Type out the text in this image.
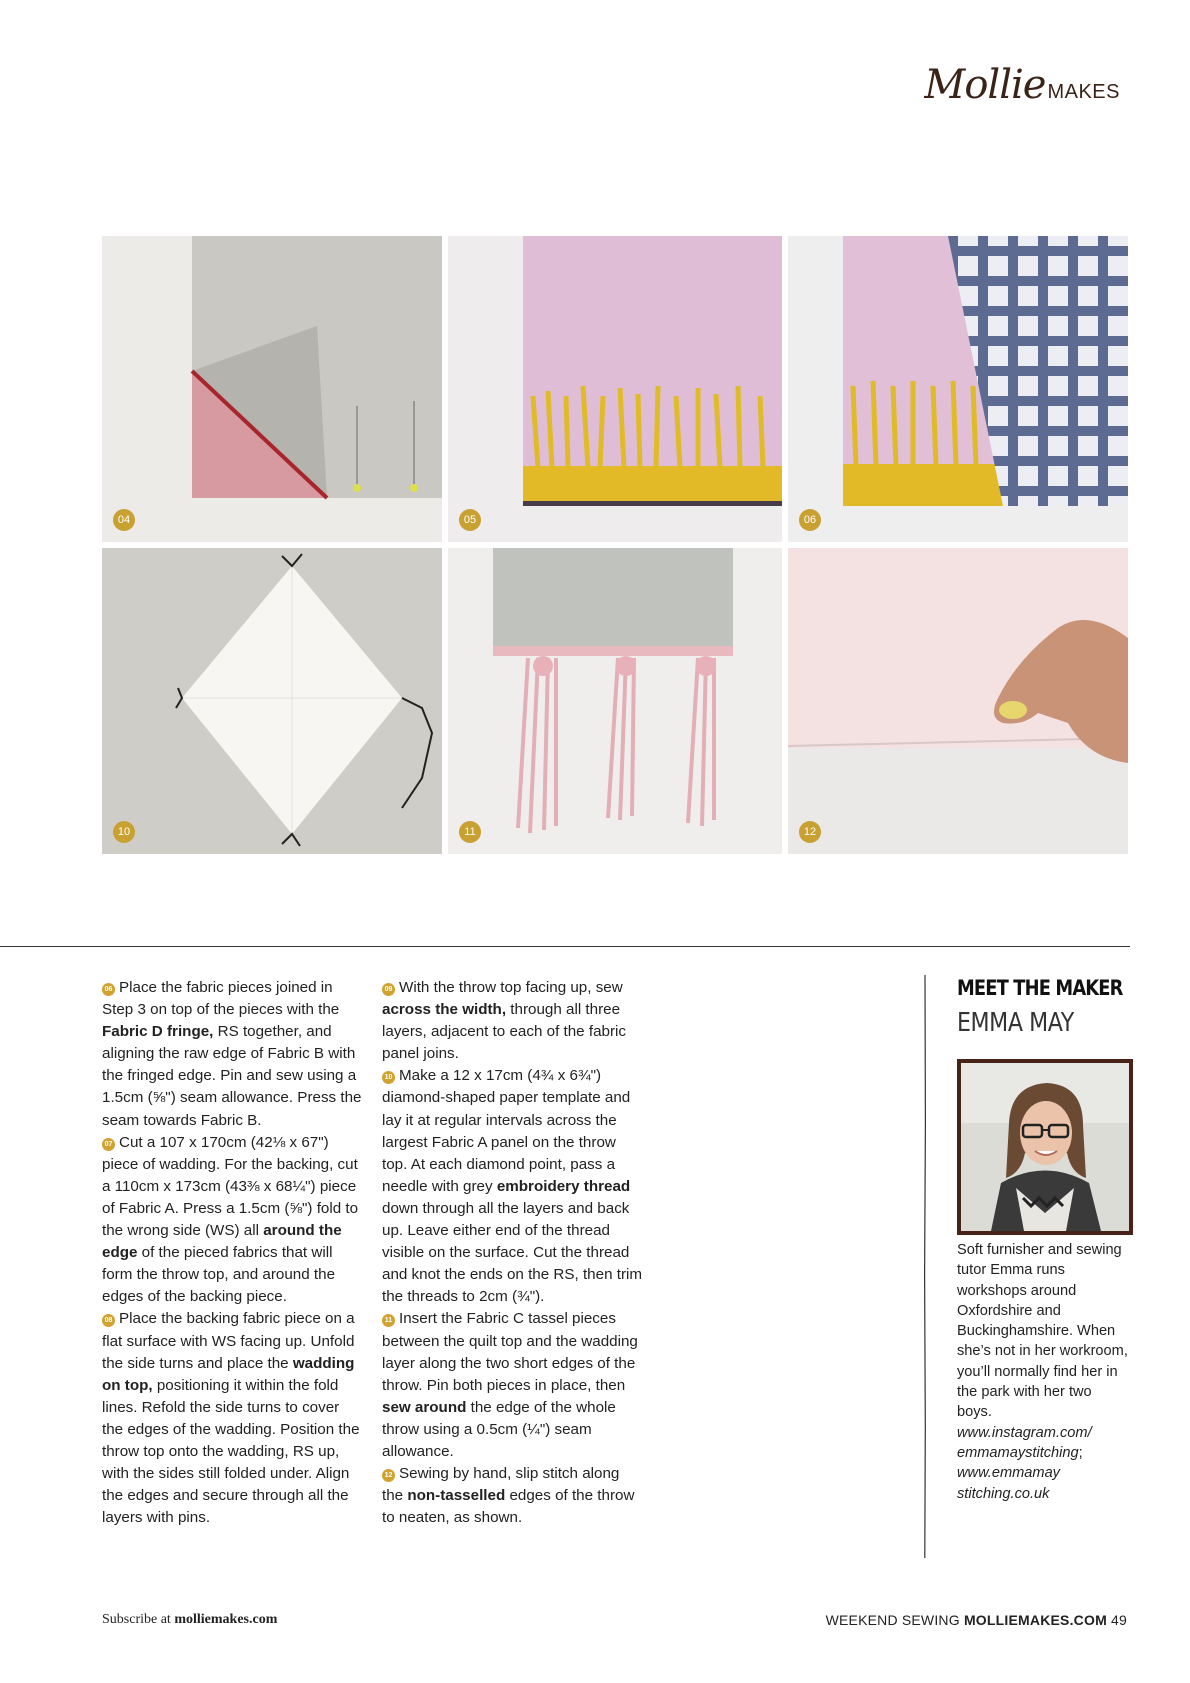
Mollie MAKES
04	05	06
10	11	12

06 Place the fabric pieces joined in Step 3 on top of the pieces with the Fabric D fringe, RS together, and aligning the raw edge of Fabric B with the fringed edge. Pin and sew using a 1.5cm (⅝") seam allowance. Press the seam towards Fabric B.

07 Cut a 107 x 170cm (42⅛ x 67") piece of wadding. For the backing, cut a 110cm x 173cm (43⅜ x 68¼") piece of Fabric A. Press a 1.5cm (⅝") fold to the wrong side (WS) all around the edge of the pieced fabrics that will form the throw top, and around the edges of the backing piece.

08 Place the backing fabric piece on a flat surface with WS facing up. Unfold the side turns and place the wadding on top, positioning it within the fold lines. Refold the side turns to cover the edges of the wadding. Position the throw top onto the wadding, RS up, with the sides still folded under. Align the edges and secure through all the layers with pins.

09 With the throw top facing up, sew across the width, through all three layers, adjacent to each of the fabric panel joins.

10 Make a 12 x 17cm (4¾ x 6¾") diamond-shaped paper template and lay it at regular intervals across the largest Fabric A panel on the throw top. At each diamond point, pass a needle with grey embroidery thread down through all the layers and back up. Leave either end of the thread visible on the surface. Cut the thread and knot the ends on the RS, then trim the threads to 2cm (¾").

11 Insert the Fabric C tassel pieces between the quilt top and the wadding layer along the two short edges of the throw. Pin both pieces in place, then sew around the edge of the whole throw using a 0.5cm (¼") seam allowance.

12 Sewing by hand, slip stitch along the non-tasselled edges of the throw to neaten, as shown.

MEET THE MAKER
EMMA MAY
Soft furnisher and sewing tutor Emma runs workshops around Oxfordshire and Buckinghamshire. When she’s not in her workroom, you’ll normally find her in the park with her two boys. www.instagram.com/ emmamaystitching; www.emmamay stitching.co.uk
Subscribe at molliemakes.com	WEEKEND SEWING MOLLIEMAKES.COM 49
